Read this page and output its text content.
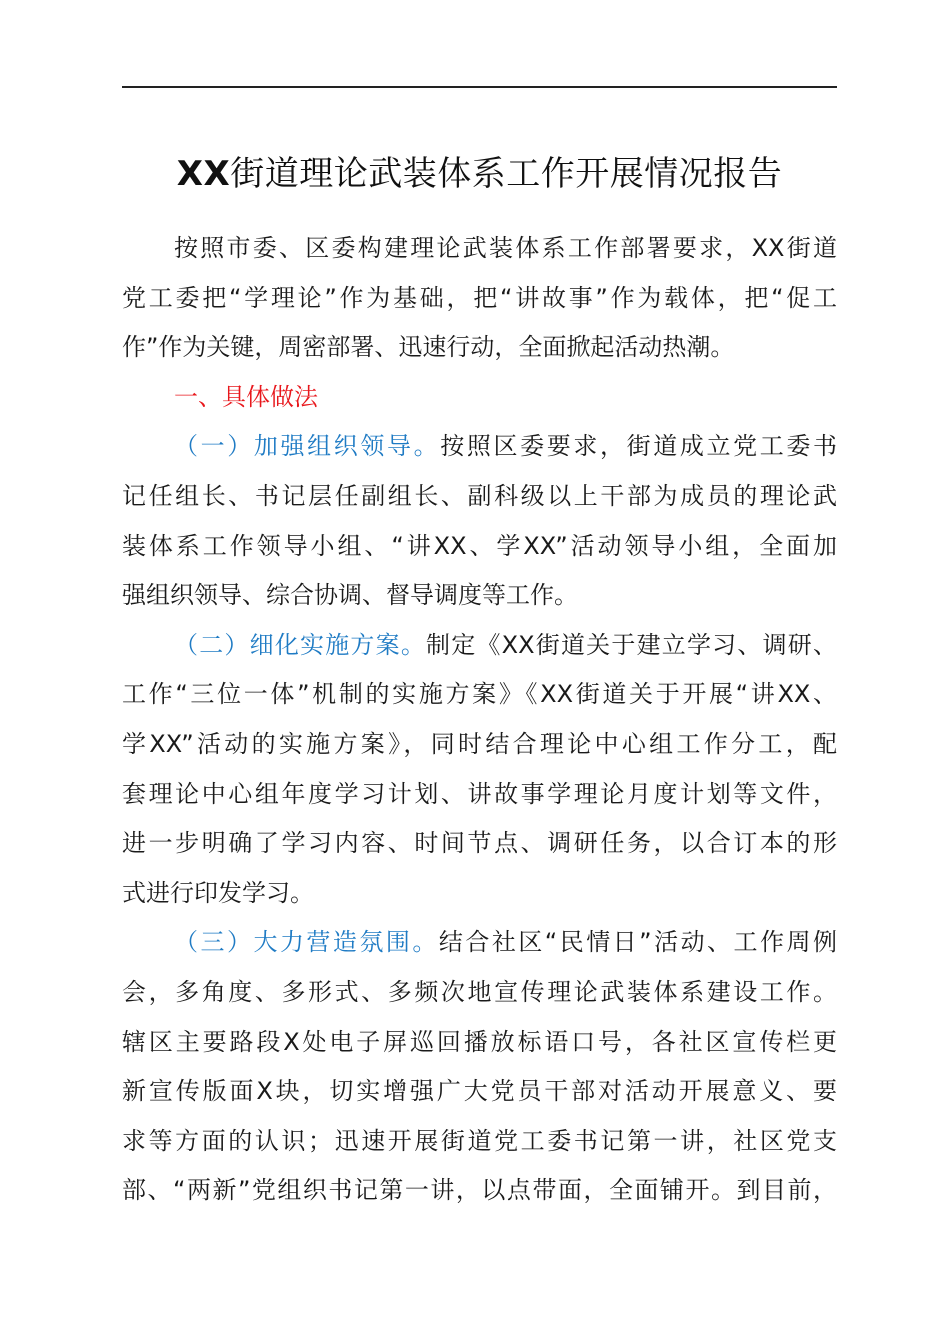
XX街道理论武装体系工作开展情况报告
按照市委、区委构建理论武装体系工作部署要求，XX街道
党工委把“学理论”作为基础，把“讲故事”作为载体，把“促工
作”作为关键，周密部署、迅速行动，全面掀起活动热潮。
一、具体做法
（一）加强组织领导。按照区委要求，街道成立党工委书
记任组长、书记层任副组长、副科级以上干部为成员的理论武
装体系工作领导小组、“讲XX、学XX”活动领导小组，全面加
强组织领导、综合协调、督导调度等工作。
（二）细化实施方案。制定《XX街道关于建立学习、调研、
工作“三位一体”机制的实施方案》《XX街道关于开展“讲XX、
学XX”活动的实施方案》，同时结合理论中心组工作分工，配
套理论中心组年度学习计划、讲故事学理论月度计划等文件，
进一步明确了学习内容、时间节点、调研任务，以合订本的形
式进行印发学习。
（三）大力营造氛围。结合社区“民情日”活动、工作周例
会，多角度、多形式、多频次地宣传理论武装体系建设工作。
辖区主要路段X处电子屏巡回播放标语口号，各社区宣传栏更
新宣传版面X块，切实增强广大党员干部对活动开展意义、要
求等方面的认识；迅速开展街道党工委书记第一讲，社区党支
部、“两新”党组织书记第一讲，以点带面，全面铺开。到目前，
